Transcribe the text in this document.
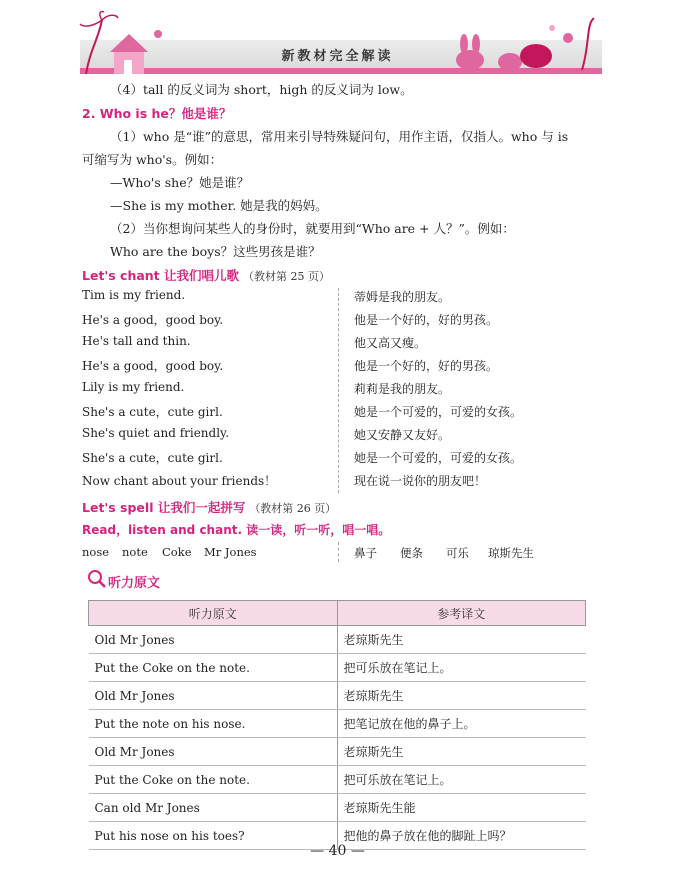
新教材完全解读
（4）tall 的反义词为 short，high 的反义词为 low。
2. Who is he？他是谁？
（1）who 是“谁”的意思，常用来引导特殊疑问句，用作主语，仅指人。who 与 is
可缩写为 who's。例如：
—Who's she？她是谁？
—She is my mother. 她是我的妈妈。
（2）当你想询问某些人的身份时，就要用到“Who are + 人？”。例如：
Who are the boys？这些男孩是谁？
Let's chant 让我们唱儿歌 （教材第 25 页）
Tim is my friend.	蒂姆是我的朋友。
He's a good，good boy.	他是一个好的，好的男孩。
He's tall and thin.	他又高又瘦。
He's a good，good boy.	他是一个好的，好的男孩。
Lily is my friend.	莉莉是我的朋友。
She's a cute，cute girl.	她是一个可爱的，可爱的女孩。
She's quiet and friendly.	她又安静又友好。
She's a cute，cute girl.	她是一个可爱的，可爱的女孩。
Now chant about your friends！	现在说一说你的朋友吧！
Let's spell 让我们一起拼写 （教材第 26 页）
Read，listen and chant. 读一读，听一听，唱一唱。
nose note Coke Mr Jones	鼻子 便条 可乐 琼斯先生
听力原文
听力原文	参考译文
Old Mr Jones	老琼斯先生
Put the Coke on the note.	把可乐放在笔记上。
Old Mr Jones	老琼斯先生
Put the note on his nose.	把笔记放在他的鼻子上。
Old Mr Jones	老琼斯先生
Put the Coke on the note.	把可乐放在笔记上。
Can old Mr Jones	老琼斯先生能
Put his nose on his toes?	把他的鼻子放在他的脚趾上吗？
— 40 —
